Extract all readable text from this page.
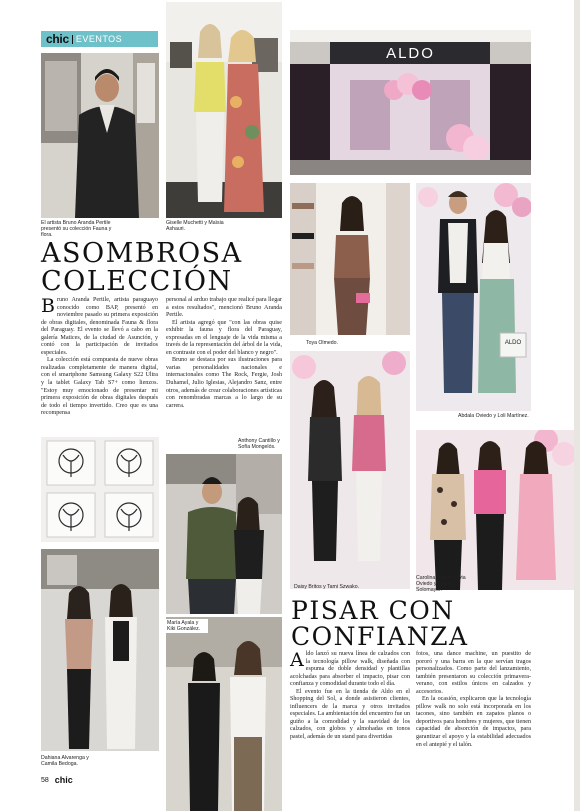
chic EVENTOS
El artista Bruno Aranda Pertile presentó su colección Fauna y flora.
Giselle Muchetti y Maïsia Ashauri.
ASOMBROSA
COLECCIÓN

Bruno Aranda Pertile, artista paraguayo conocido como BAP, presentó en noviembre pasado su primera exposición de obras digitales, denominada Fauna & flora del Paraguay. El evento se llevó a cabo en la galería Matices, de la ciudad de Asunción, y contó con la participación de invitados especiales.

La colección está compuesta de nueve obras realizadas completamente de manera digital, con el smartphone Samsung Galaxy S22 Ultra y la tablet Galaxy Tab S7+ como lienzos. "Estoy muy emocionado de presentar mi primera exposición de obras digitales después de todo el tiempo invertido. Creo que es una recompensa

personal al arduo trabajo que realicé para llegar a estos resultados", mencionó Bruno Aranda Pertile.

El artista agregó que "con las obras quise exhibir la fauna y flora del Paraguay, expresadas en el lenguaje de la vida misma a través de la representación del árbol de la vida, en contraste con el poder del blanco y negro".

Bruno se destaca por sus ilustraciones para varias personalidades nacionales e internacionales como The Rock, Fergie, Josh Duhamel, Julio Iglesias, Alejandro Sanz, entre otros, además de crear colaboraciones artísticas con renombradas marcas a lo largo de su carrera.

Dahiana Alvarenga y Camila Bedoga.
Anthony Cantillo y Sofía Mongelós.
María Ayala y Kiki González.
ALDO
Toya Olmedo.	ALDO
Abdala Oviedo y Loli Martínez.
Daisy Britos y Tami Szwako.
Carolina Wiliks, Silvia Oviedo y Leyla Solomayor.
PISAR CON
CONFIANZA

Aldo lanzó su nueva línea de calzados con la tecnología pillow walk, diseñada con espuma de doble densidad y plantillas acolchadas para absorber el impacto, pisar con confianza y comodidad durante todo el día.

El evento fue en la tienda de Aldo en el Shopping del Sol, a donde asistieron clientes, influencers de la marca y otros invitados especiales. La ambientación del encuentro fue un guiño a la comodidad y la suavidad de los calzados, con globos y almohadas en tonos pastel, además de un stand para divertidas

fotos, una dance machine, un puestito de pororó y una barra en la que servían tragos personalizados. Como parte del lanzamiento, también presentaron su colección primavera-verano, con estilos únicos en calzados y accesorios.

En la ocasión, explicaron que la tecnología pillow walk no solo está incorporada en los tacones, sino también en zapatos planos o deportivos para hombres y mujeres, que tienen capacidad de absorción de impactos, para garantizar el apoyo y la estabilidad adecuados en el antepié y el talón.

58 chic
